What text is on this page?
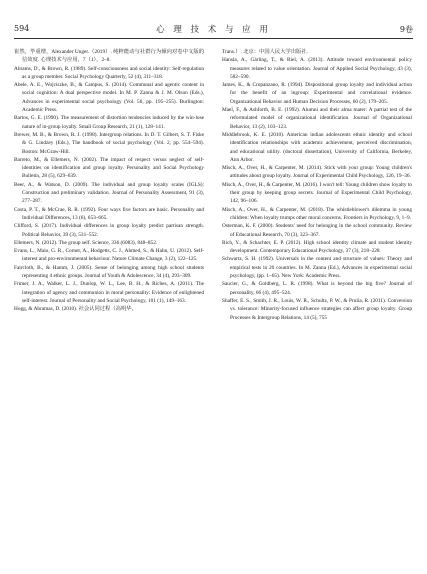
594	心 理 技 术 与 应 用	9卷

崔然，毕重增，Alexander Unger.（2019）. 纯粹能动与社群行为倾向对卷中文版的信效度. 心理技术与应用，7（1），2–8.

Abrams, D., & Brown, R. (1989). Self-consciousness and social identity: Self-regulation as a group member. Social Psychology Quarterly, 52 (4), 311–318.

Abele, A. E., Wojciszke, B., & Campus, S. (2014). Communal and agentic content in social cognition: A dual perspective model. In M. P. Zanna & J. M. Olson (Eds.), Advances in experimental social psychology (Vol. 50, pp. 195–255). Burlington: Academic Press.

Bartos, G. E. (1990). The measurement of distortion tendencies induced by the win-lose nature of in-group loyalty. Small Group Research, 21 (1), 128–141.

Brewer, M. B., & Brown, R. J. (1998). Intergroup relations. In D. T. Gilbert, S. T. Fiske & G. Lindzey (Eds.), The handbook of social psychology (Vol. 2, pp. 554–594). Boston: McGraw-Hill.

Barreto, M., & Ellemers, N. (2002). The impact of respect versus neglect of self-identities on identification and group loyalty. Personality and Social Psychology Bulletin, 28 (5), 629–639.

Beer, A., & Watson, D. (2009). The individual and group loyalty scales (IGLS): Construction and preliminary validation. Journal of Personality Assessment, 91 (3), 277–287.

Costa, P. T., & McCrae, R. R. (1992). Four ways five factors are basic. Personality and Individual Differences, 13 (6), 653–665.

Clifford, S. (2017). Individual differences in group loyalty predict partisan strength. Political Behavior, 39 (3), 531–552.

Ellemers, N. (2012). The group self. Science, 336 (6083), 848–852.

Evans, L., Maio, G. R., Corner, A., Hodgetts, C. J., Ahmed, S., & Hahn, U. (2012). Self-interest and pro-environmental behaviour. Nature Climate Change, 3 (2), 122–125.

Faircloth, B., & Hamm, J. (2005). Sense of belonging among high school students representing 4 ethnic groups. Journal of Youth & Adolescence, 34 (4), 293–309.

Frimer, J. A., Walker, L. J., Dunlop, W. L., Lee, B. H., & Riches, A. (2011). The integration of agency and communion in moral personality: Evidence of enlightened self-interest. Journal of Personality and Social Psychology, 101 (1), 149–163.

Hogg, & Abramas, D. (2010). 社会认同过程（高明华，

Trans.）. 北京：中国人民大学出版社.

Hansla, A., Gärling, T., & Biel, A. (2013). Attitude toward environmental policy measures related to value orientation. Journal of Applied Social Psychology, 43 (3), 582–590.

James, K., & Cropanzano, R. (1994). Dispositional group loyalty and individual action for the benefit of an ingroup: Experimental and correlational evidence. Organizational Behavior and Human Decision Processes, 60 (2), 179–205.

Mael, F., & Ashforth, B. E. (1992). Alumni and their alma mater: A partial test of the reformulated model of organizational identification. Journal of Organizational Behavior, 13 (2), 103–123.

Middlebrook, K. E. (2010). American indian adolescents ethnic identity and school identification relationships with academic achievement, perceived discrimination, and educational utility. (doctoral dissertation), University of California, Berkeley, Ann Arbor.

Misch, A., Over, H., & Carpenter, M. (2014). Stick with your group: Young children's attitudes about group loyalty. Journal of Experimental Child Psychology, 126, 19–36.

Misch, A., Over, H., & Carpenter, M. (2016). I won't tell: Young children show loyalty to their group by keeping group secrets. Journal of Experimental Child Psychology, 142, 96–106.

Misch, A., Over, H., & Carpenter, M. (2018). The whistleblower's dilemma in young children: When loyalty trumps other moral concerns. Frontiers in Psychology, 9, 1–9.

Osterman, K. F. (2000). Students' need for belonging in the school community. Review of Educational Research, 70 (3), 323–367.

Rich, Y., & Schachter, E. P. (2012). High school identity climate and student identity development. Contemporary Educational Psychology, 37 (3), 218–228.

Schwartz, S. H. (1992). Universals in the content and structure of values: Theory and empirical tests in 20 countries. In M. Zanna (Ed.), Advances in experimental social psychology, (pp. 1–65). New York: Academic Press.

Saucier, G., & Goldberg, L. R. (1998). What is beyond the big five? Journal of personality, 66 (4), 495–524.

Shaffer, E. S., Smith, J. R., Louis, W. R., Schultz, P. W., & Prulia, R. (2011). Conversion vs. tolerance: Minority-focused influence strategies can affect group loyalty. Group Processes & Intergroup Relations, 14 (5), 755
